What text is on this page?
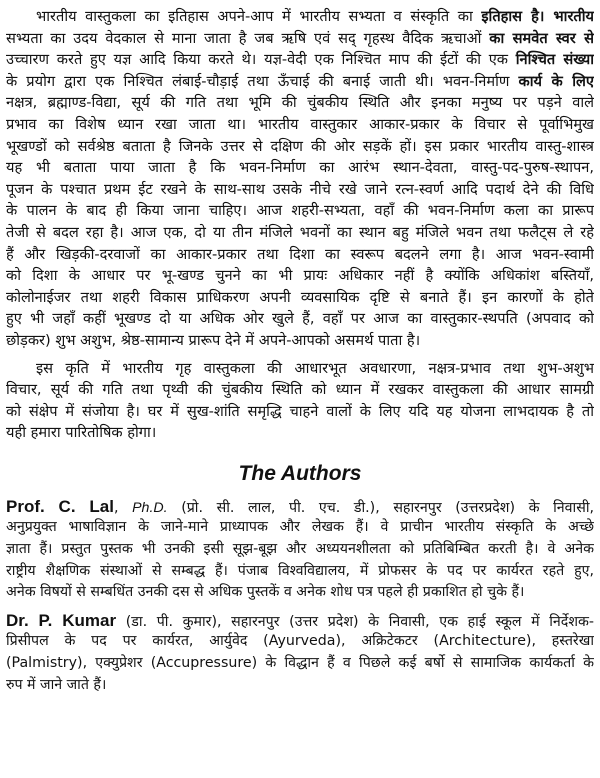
भारतीय वास्तुकला का इतिहास अपने-आप में भारतीय सभ्यता व संस्कृति का इतिहास है। भारतीय
सभ्यता का उदय वेदकाल से माना जाता है जब ऋषि एवं सद् गृहस्थ वैदिक ऋचाओं का समवेत स्वर से
उच्चारण करते हुए यज्ञ आदि किया करते थे। यज्ञ-वेदी एक निश्चित माप की ईटों की एक निश्चित संख्या
के प्रयोग द्वारा एक निश्चित लंबाई-चौड़ाई तथा ऊँचाई की बनाई जाती थी। भवन-निर्माण कार्य के लिए
नक्षत्र, ब्रह्माण्ड-विद्या, सूर्य की गति तथा भूमि की चुंबकीय स्थिति और इनका मनुष्य पर पड़ने वाले
प्रभाव का विशेष ध्यान रखा जाता था। भारतीय वास्तुकार आकार-प्रकार के विचार से पूर्वाभिमुख
भूखण्डों को सर्वश्रेष्ठ बताता है जिनके उत्तर से दक्षिण की ओर सड़कें हों। इस प्रकार भारतीय वास्तु-शास्त्र
यह भी बताता पाया जाता है कि भवन-निर्माण का आरंभ स्थान-देवता, वास्तु-पद-पुरुष-स्थापन,
पूजन के पश्चात प्रथम ईट रखने के साथ-साथ उसके नीचे रखे जाने रत्न-स्वर्ण आदि पदार्थ देने की विधि
के पालन के बाद ही किया जाना चाहिए। आज शहरी-सभ्यता, वहाँ की भवन-निर्माण कला का प्रारूप
तेजी से बदल रहा है। आज एक, दो या तीन मंजिले भवनों का स्थान बहु मंजिले भवन तथा फलैट्स ले रहे
हैं और खिड़की-दरवाजों का आकार-प्रकार तथा दिशा का स्वरूप बदलने लगा है। आज भवन-स्वामी
को दिशा के आधार पर भू-खण्ड चुनने का भी प्रायः अधिकार नहीं है क्योंकि अधिकांश बस्तियाँ,
कोलोनाईजर तथा शहरी विकास प्राधिकरण अपनी व्यवसायिक दृष्टि से बनाते हैं। इन कारणों के होते
हुए भी जहाँ कहीं भूखण्ड दो या अधिक ओर खुले हैं, वहाँ पर आज का वास्तुकार-स्थपति (अपवाद को
छोड़कर) शुभ अशुभ, श्रेष्ठ-सामान्य प्रारूप देने में अपने-आपको असमर्थ पाता है।
इस कृति में भारतीय गृह वास्तुकला की आधारभूत अवधारणा, नक्षत्र-प्रभाव तथा शुभ-अशुभ
विचार, सूर्य की गति तथा पृथ्वी की चुंबकीय स्थिति को ध्यान में रखकर वास्तुकला की आधार सामग्री
को संक्षेप में संजोया है। घर में सुख-शांति समृद्धि चाहने वालों के लिए यदि यह योजना लाभदायक है तो
यही हमारा पारितोषिक होगा।
The Authors
Prof. C. Lal, Ph.D. (प्रो. सी. लाल, पी. एच. डी.), सहारनपुर (उत्तरप्रदेश) के निवासी,
अनुप्रयुक्त भाषाविज्ञान के जाने-माने प्राध्यापक और लेखक हैं। वे प्राचीन भारतीय संस्कृति के अच्छे
ज्ञाता हैं। प्रस्तुत पुस्तक भी उनकी इसी सूझ-बूझ और अध्ययनशीलता को प्रतिबिम्बित करती है। वे अनेक
राष्ट्रीय शैक्षणिक संस्थाओं से सम्बद्ध हैं। पंजाब विश्वविद्यालय, में प्रोफसर के पद पर कार्यरत रहते हुए,
अनेक विषयों से सम्बधिंत उनकी दस से अधिक पुस्तकें व अनेक शोध पत्र पहले ही प्रकाशित हो चुके हैं।
Dr. P. Kumar (डा. पी. कुमार), सहारनपुर (उत्तर प्रदेश) के निवासी, एक हाई स्कूल में निर्देशक-
प्रिसीपल के पद पर कार्यरत, आर्युवेद (Ayurveda), अक्रिटेकटर (Architecture), हस्तरेखा
(Palmistry), एक्युप्रेशर (Accupressure) के विद्धान हैं व पिछले कई बर्षो से सामाजिक कार्यकर्ता के
रुप में जाने जाते हैं।
